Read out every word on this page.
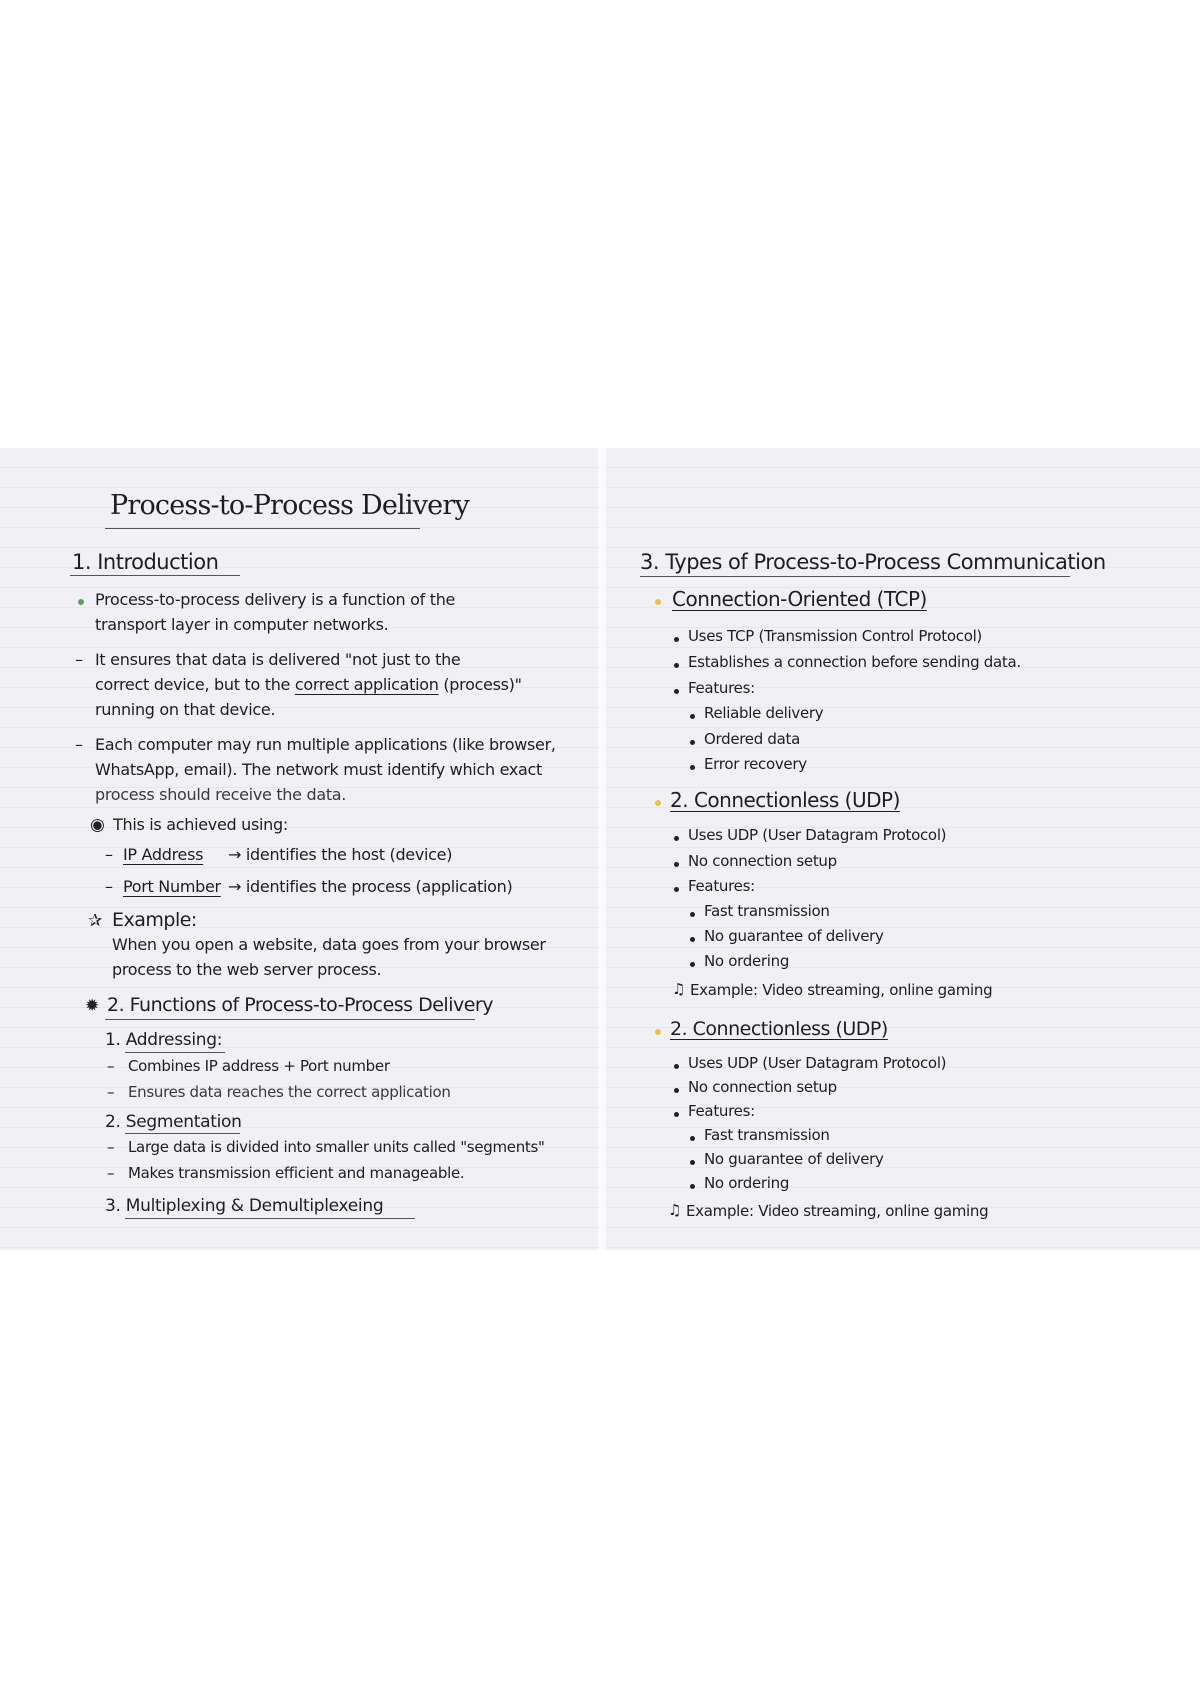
Process-to-Process Delivery
1. Introduction
Process-to-process delivery is a function of the
transport layer in computer networks.
– It ensures that data is delivered "not just to the
correct device, but to the correct application (process)"
running on that device.
– Each computer may run multiple applications (like browser,
WhatsApp, email). The network must identify which exact
process should receive the data.
◉ This is achieved using:
– IP Address → identifies the host (device)
– Port Number → identifies the process (application)
✰ Example:
When you open a website, data goes from your browser
process to the web server process.
✹ 2. Functions of Process-to-Process Delivery
1. Addressing:
– Combines IP address + Port number
– Ensures data reaches the correct application
2. Segmentation
– Large data is divided into smaller units called "segments"
– Makes transmission efficient and manageable.
3. Multiplexing & Demultiplexeing
3. Types of Process-to-Process Communication
Connection-Oriented (TCP)
Uses TCP (Transmission Control Protocol)
Establishes a connection before sending data.
Features:
Reliable delivery
Ordered data
Error recovery
2. Connectionless (UDP)
Uses UDP (User Datagram Protocol)
No connection setup
Features:
Fast transmission
No guarantee of delivery
No ordering
♫ Example: Video streaming, online gaming
2. Connectionless (UDP)
Uses UDP (User Datagram Protocol)
No connection setup
Features:
Fast transmission
No guarantee of delivery
No ordering
♫ Example: Video streaming, online gaming
